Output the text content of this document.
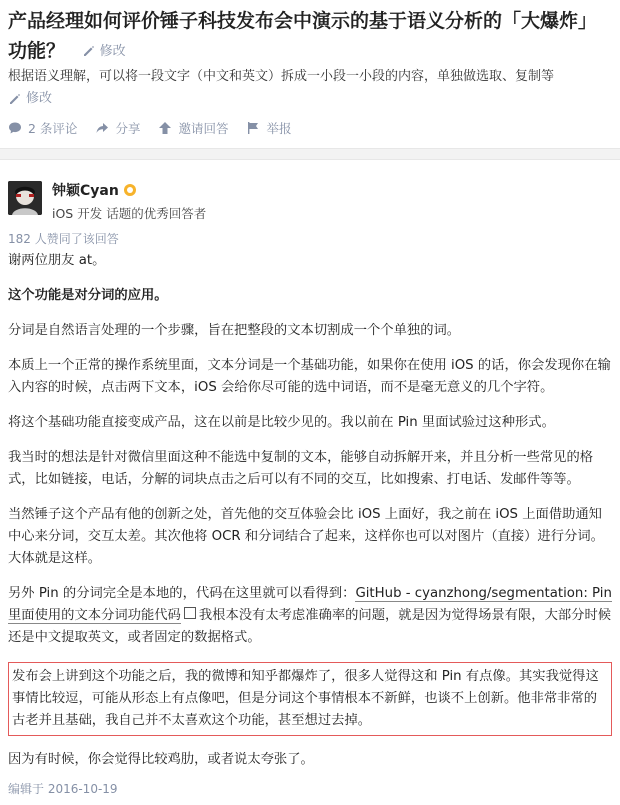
产品经理如何评价锤子科技发布会中演示的基于语义分析的「大爆炸」功能？	修改
根据语义理解，可以将一段文字（中文和英文）拆成一小段一小段的内容，单独做选取、复制等
修改
2 条评论	分享	邀请回答	举报
钟颖Cyan
iOS 开发 话题的优秀回答者
182 人赞同了该回答

谢两位朋友 at。

这个功能是对分词的应用。

分词是自然语言处理的一个步骤，旨在把整段的文本切割成一个个单独的词。

本质上一个正常的操作系统里面，文本分词是一个基础功能，如果你在使用 iOS 的话，你会发现你在输入内容的时候，点击两下文本，iOS 会给你尽可能的选中词语，而不是毫无意义的几个字符。

将这个基础功能直接变成产品，这在以前是比较少见的。我以前在 Pin 里面试验过这种形式。

我当时的想法是针对微信里面这种不能选中复制的文本，能够自动拆解开来，并且分析一些常见的格式，比如链接，电话，分解的词块点击之后可以有不同的交互，比如搜索、打电话、发邮件等等。

当然锤子这个产品有他的创新之处，首先他的交互体验会比 iOS 上面好，我之前在 iOS 上面借助通知中心来分词，交互太差。其次他将 OCR 和分词结合了起来，这样你也可以对图片（直接）进行分词。大体就是这样。

另外 Pin 的分词完全是本地的，代码在这里就可以看得到：GitHub - cyanzhong/segmentation: Pin 里面使用的文本分词功能代码 我根本没有太考虑准确率的问题，就是因为觉得场景有限，大部分时候还是中文提取英文，或者固定的数据格式。

发布会上讲到这个功能之后，我的微博和知乎都爆炸了，很多人觉得这和 Pin 有点像。其实我觉得这事情比较逗，可能从形态上有点像吧，但是分词这个事情根本不新鲜，也谈不上创新。他非常非常的古老并且基础，我自己并不太喜欢这个功能，甚至想过去掉。

因为有时候，你会觉得比较鸡肋，或者说太夸张了。

编辑于 2016-10-19
